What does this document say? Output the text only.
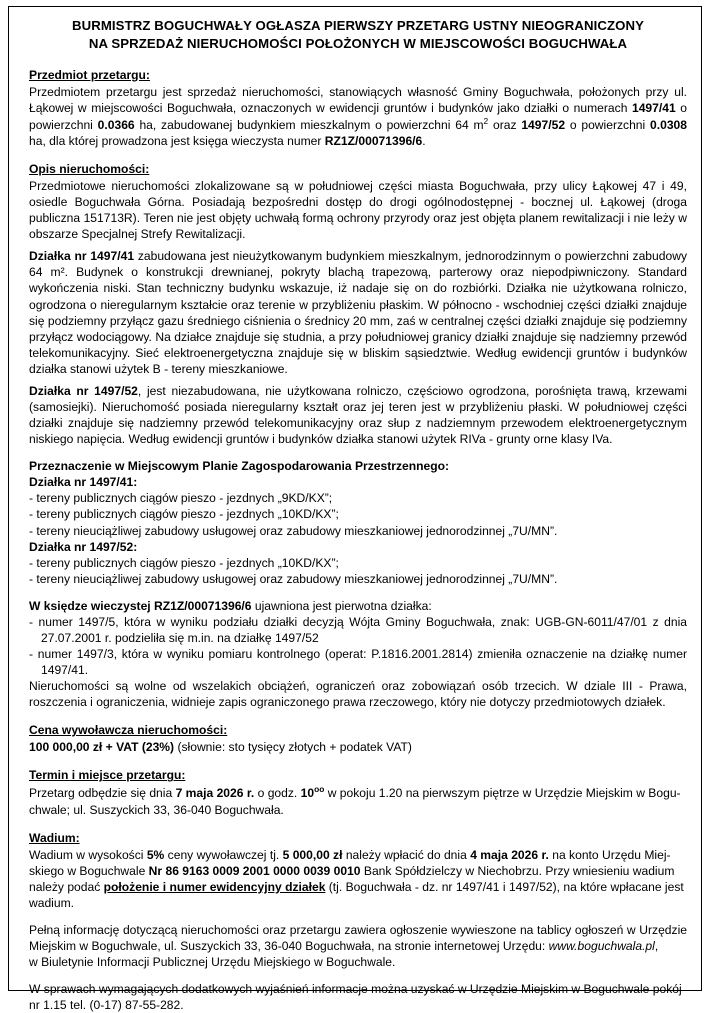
BURMISTRZ BOGUCHWAŁY OGŁASZA PIERWSZY PRZETARG USTNY NIEOGRANICZONY
NA SPRZEDAŻ NIERUCHOMOŚCI POŁOŻONYCH W MIEJSCOWOŚCI BOGUCHWAŁA
Przedmiot przetargu:

Przedmiotem przetargu jest sprzedaż nieruchomości, stanowiących własność Gminy Boguchwała, położonych przy ul. Łąkowej w miejscowości Boguchwała, oznaczonych w ewidencji gruntów i budynków jako działki o numerach 1497/41 o powierzchni 0.0366 ha, zabudowanej budynkiem mieszkalnym o powierzchni 64 $m^2$ oraz 1497/52 o powierzchni 0.0308 ha, dla której prowadzona jest księga wieczysta numer RZ1Z/00071396/6.

Opis nieruchomości:

Przedmiotowe nieruchomości zlokalizowane są w południowej części miasta Boguchwała, przy ulicy Łąkowej 47 i 49, osiedle Boguchwała Górna. Posiadają bezpośredni dostęp do drogi ogólnodostępnej - bocznej ul. Łąkowej (droga publiczna 151713R). Teren nie jest objęty uchwałą formą ochrony przyrody oraz jest objęta planem rewitalizacji i nie leży w obszarze Specjalnej Strefy Rewitalizacji.

Działka nr 1497/41 zabudowana jest nieużytkowanym budynkiem mieszkalnym, jednorodzinnym o powierzchni zabudowy 64 m². Budynek o konstrukcji drewnianej, pokryty blachą trapezową, parterowy oraz niepodpiwniczony. Standard wykończenia niski. Stan techniczny budynku wskazuje, iż nadaje się on do rozbiórki. Działka nie użytkowana rolniczo, ogrodzona o nieregularnym kształcie oraz terenie w przybliżeniu płaskim. W północno - wschodniej części działki znajduje się podziemny przyłącz gazu średniego ciśnienia o średnicy 20 mm, zaś w centralnej części działki znajduje się podziemny przyłącz wodociągowy. Na działce znajduje się studnia, a przy południowej granicy działki znajduje się nadziemny przewód telekomunikacyjny. Sieć elektroenergetyczna znajduje się w bliskim sąsiedztwie. Według ewidencji gruntów i budynków działka stanowi użytek B - tereny mieszkaniowe.

Działka nr 1497/52, jest niezabudowana, nie użytkowana rolniczo, częściowo ogrodzona, porośnięta trawą, krzewami (samosiejki). Nieruchomość posiada nieregularny kształt oraz jej teren jest w przybliżeniu płaski. W południowej części działki znajduje się nadziemny przewód telekomunikacyjny oraz słup z nadziemnym przewodem elektroenergetycznym niskiego napięcia. Według ewidencji gruntów i budynków działka stanowi użytek RIVa - grunty orne klasy IVa.

Przeznaczenie w Miejscowym Planie Zagospodarowania Przestrzennego:

Działka nr 1497/41:

- tereny publicznych ciągów pieszo - jezdnych „9KD/KX”;

- tereny publicznych ciągów pieszo - jezdnych „10KD/KX”;

- tereny nieuciążliwej zabudowy usługowej oraz zabudowy mieszkaniowej jednorodzinnej „7U/MN”.

Działka nr 1497/52:

- tereny publicznych ciągów pieszo - jezdnych „10KD/KX”;

- tereny nieuciążliwej zabudowy usługowej oraz zabudowy mieszkaniowej jednorodzinnej „7U/MN”.

W księdze wieczystej RZ1Z/00071396/6 ujawniona jest pierwotna działka:

- numer 1497/5, która w wyniku podziału działki decyzją Wójta Gminy Boguchwała, znak: UGB-GN-6011/47/01 z dnia 27.07.2001 r. podzieliła się m.in. na działkę 1497/52

- numer 1497/3, która w wyniku pomiaru kontrolnego (operat: P.1816.2001.2814) zmieniła oznaczenie na działkę numer 1497/41.

Nieruchomości są wolne od wszelakich obciążeń, ograniczeń oraz zobowiązań osób trzecich. W dziale III - Prawa, roszczenia i ograniczenia, widnieje zapis ograniczonego prawa rzeczowego, który nie dotyczy przedmiotowych działek.

Cena wywoławcza nieruchomości:

100 000,00 zł + VAT (23%) (słownie: sto tysięcy złotych + podatek VAT)

Termin i miejsce przetargu:

Przetarg odbędzie się dnia 7 maja 2026 r. o godz. $10^{oo}$ w pokoju 1.20 na pierwszym piętrze w Urzędzie Miejskim w Bogu-

chwale; ul. Suszyckich 33, 36-040 Boguchwała.

Wadium:

Wadium w wysokości 5% ceny wywoławczej tj. 5 000,00 zł należy wpłacić do dnia 4 maja 2026 r. na konto Urzędu Miej-

skiego w Boguchwale Nr 86 9163 0009 2001 0000 0039 0010 Bank Spółdzielczy w Niechobrzu. Przy wniesieniu wadium

należy podać położenie i numer ewidencyjny działek (tj. Boguchwała - dz. nr 1497/41 i 1497/52), na które wpłacane jest wadium.

Pełną informację dotyczącą nieruchomości oraz przetargu zawiera ogłoszenie wywieszone na tablicy ogłoszeń w Urzędzie Miejskim w Boguchwale, ul. Suszyckich 33, 36-040 Boguchwała, na stronie internetowej Urzędu: www.boguchwala.pl,

w Biuletynie Informacji Publicznej Urzędu Miejskiego w Boguchwale.

W sprawach wymagających dodatkowych wyjaśnień informacje można uzyskać w Urzędzie Miejskim w Boguchwale pokój

nr 1.15 tel. (0-17) 87-55-282.
